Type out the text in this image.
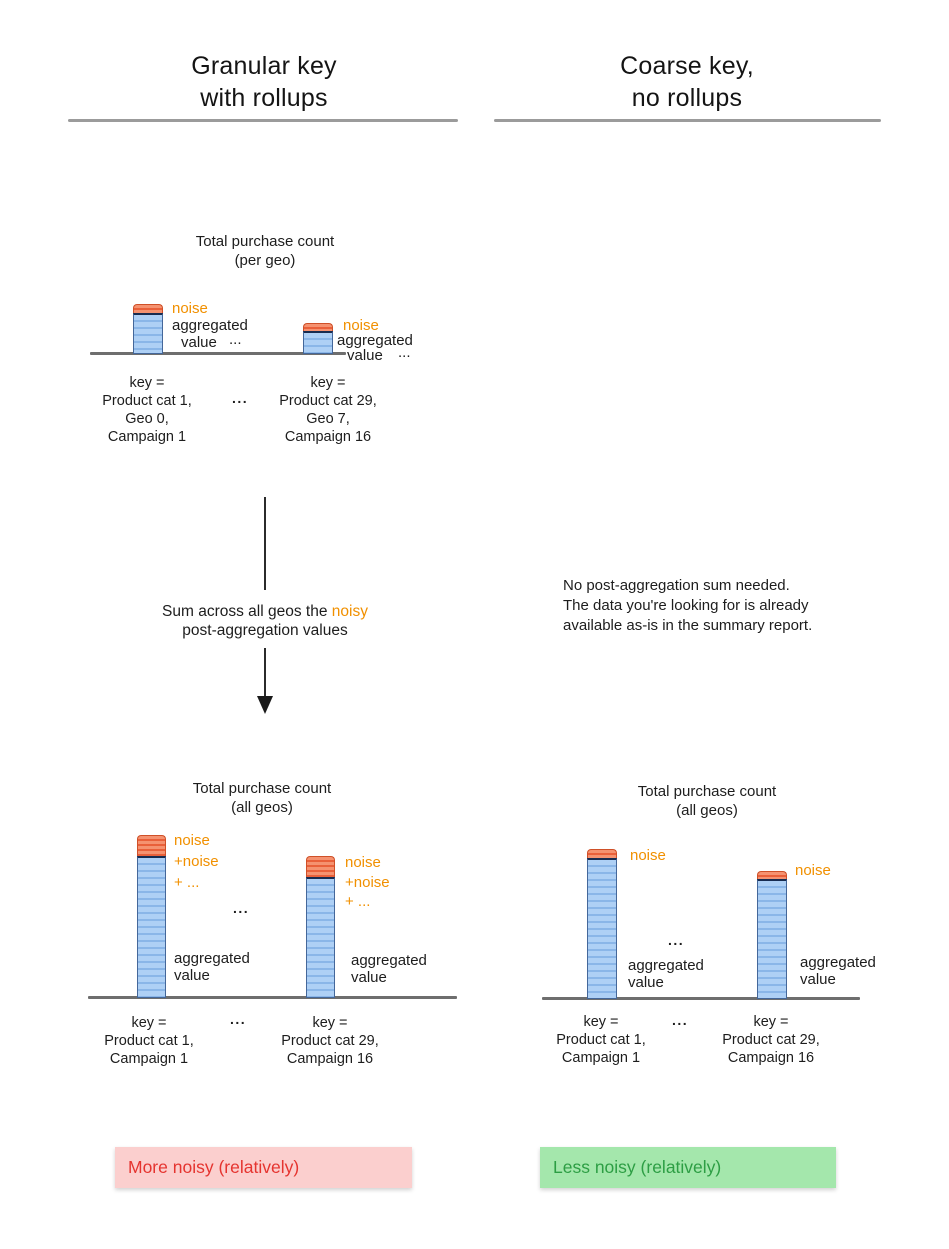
Granular key
with rollups
Coarse key,
no rollups
Total purchase count
(per geo)
noise
aggregated
value ...
noise
aggregated
value ...
key =
Product cat 1,
Geo 0,
Campaign 1
...
key =
Product cat 29,
Geo 7,
Campaign 16
Sum across all geos the noisy
post-aggregation values
No post-aggregation sum needed.
The data you're looking for is already
available as-is in the summary report.
Total purchase count
(all geos)
noise
+noise
+ ...
aggregated
value
...
noise
+noise
+ ...
aggregated
value
key =
Product cat 1,
Campaign 1
...	key =
Product cat 29,
Campaign 16
Total purchase count
(all geos)
noise
aggregated
value
...
noise
aggregated
value
key =
Product cat 1,
Campaign 1
...	key =
Product cat 29,
Campaign 16
More noisy (relatively)	Less noisy (relatively)
